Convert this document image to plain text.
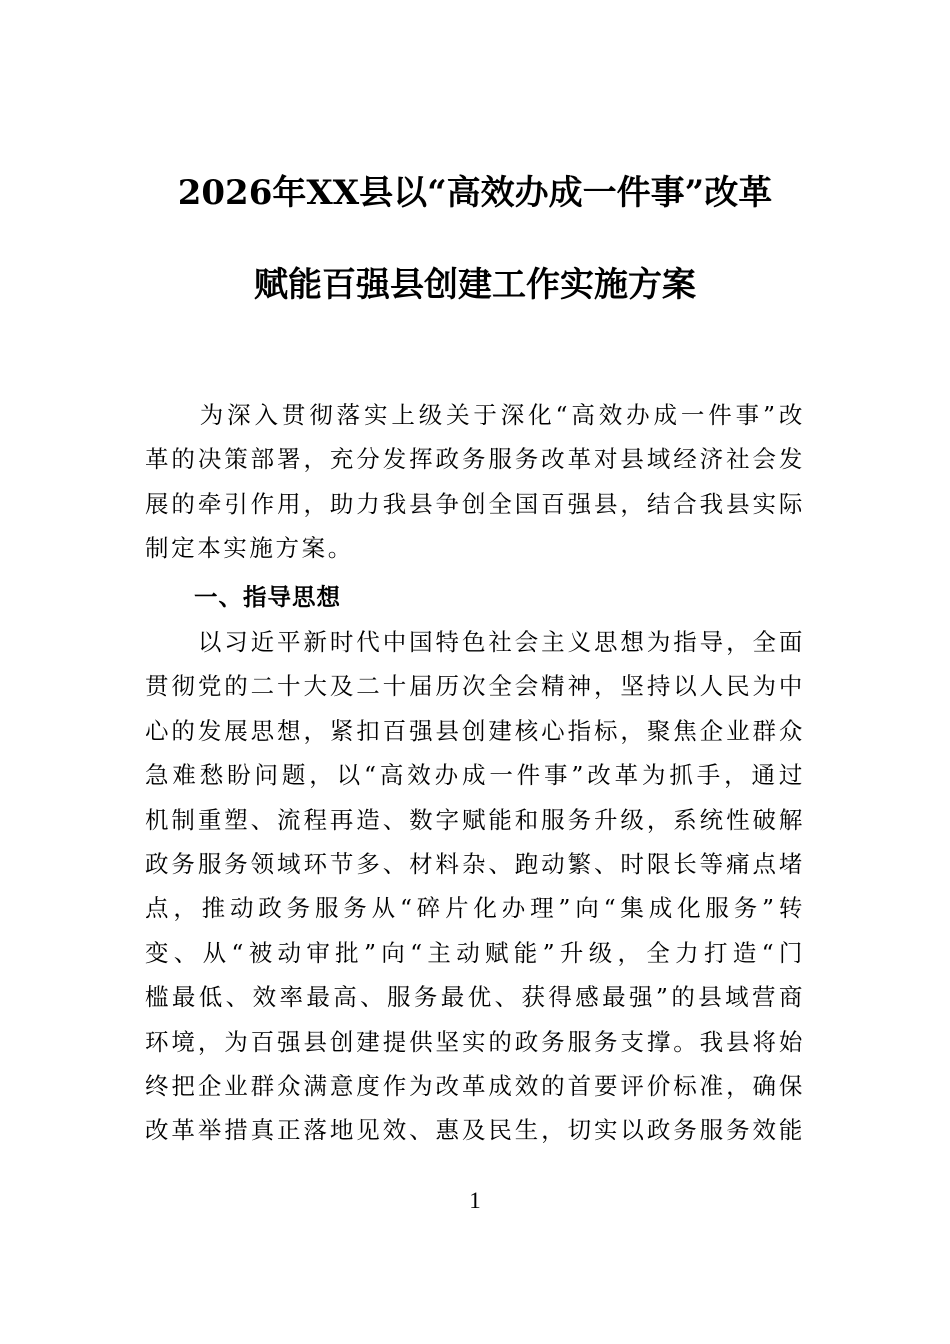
2026年XX县以“高效办成一件事”改革
赋能百强县创建工作实施方案
　　为深入贯彻落实上级关于深化“高效办成一件事”改
革的决策部署，充分发挥政务服务改革对县域经济社会发
展的牵引作用，助力我县争创全国百强县，结合我县实际
制定本实施方案。
一、指导思想
　　以习近平新时代中国特色社会主义思想为指导，全面
贯彻党的二十大及二十届历次全会精神，坚持以人民为中
心的发展思想，紧扣百强县创建核心指标，聚焦企业群众
急难愁盼问题，以“高效办成一件事”改革为抓手，通过
机制重塑、流程再造、数字赋能和服务升级，系统性破解
政务服务领域环节多、材料杂、跑动繁、时限长等痛点堵
点，推动政务服务从“碎片化办理”向“集成化服务”转
变、从“被动审批”向“主动赋能”升级，全力打造“门
槛最低、效率最高、服务最优、获得感最强”的县域营商
环境，为百强县创建提供坚实的政务服务支撑。我县将始
终把企业群众满意度作为改革成效的首要评价标准，确保
改革举措真正落地见效、惠及民生，切实以政务服务效能
1
